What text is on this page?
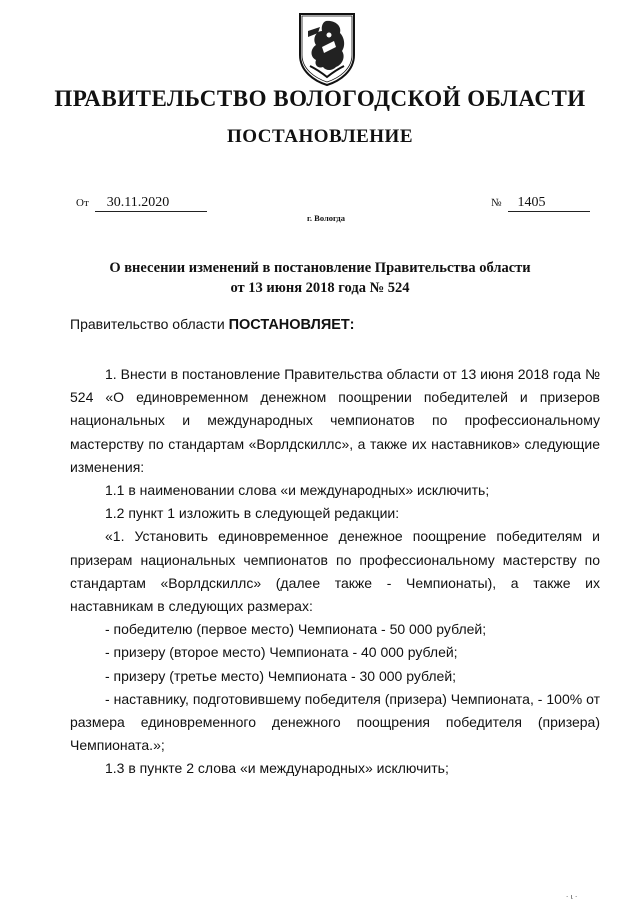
ПРАВИТЕЛЬСТВО ВОЛОГОДСКОЙ ОБЛАСТИ
ПОСТАНОВЛЕНИЕ
От 30.11.2020	№ 1405
г. Вологда
О внесении изменений в постановление Правительства области
от 13 июня 2018 года № 524

Правительство области ПОСТАНОВЛЯЕТ:

1. Внести в постановление Правительства области от 13 июня 2018 года № 524 «О единовременном денежном поощрении победителей и призеров национальных и международных чемпионатов по профессиональному мастерству по стандартам «Ворлдскиллс», а также их наставников» следующие изменения:

1.1 в наименовании слова «и международных» исключить;

1.2 пункт 1 изложить в следующей редакции:

«1. Установить единовременное денежное поощрение победителям и призерам национальных чемпионатов по профессиональному мастерству по стандартам «Ворлдскиллс» (далее также - Чемпионаты), а также их наставникам в следующих размерах:

- победителю (первое место) Чемпионата - 50 000 рублей;

- призеру (второе место) Чемпионата - 40 000 рублей;

- призеру (третье место) Чемпионата - 30 000 рублей;

- наставнику, подготовившему победителя (призера) Чемпионата, - 100% от размера единовременного денежного поощрения победителя (призера) Чемпионата.»;

1.3 в пункте 2 слова «и международных» исключить;

· ι ·
